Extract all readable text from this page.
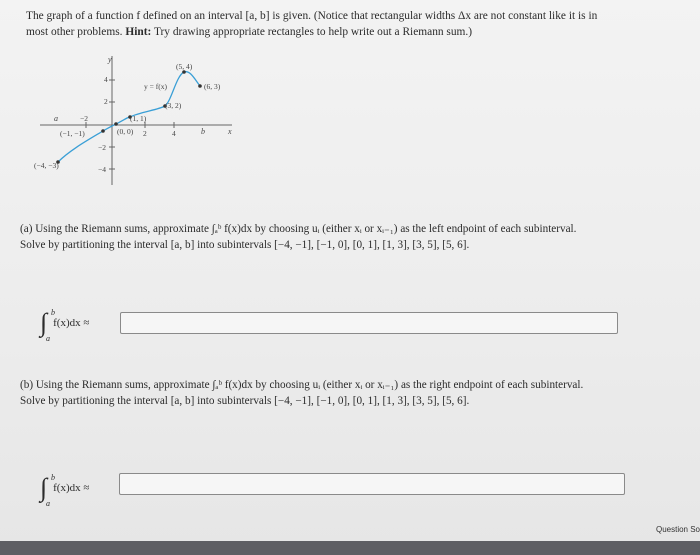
The graph of a function f defined on an interval [a, b] is given. (Notice that rectangular widths Δx are not constant like it is in
most other problems. Hint: Try drawing appropriate rectangles to help write out a Riemann sum.)
y
x
a
b
y = f(x)
−2
2	4
4
2
−2
−4
(−4, −3)
(−1, −1)	(0, 0)
(1, 1)
(3, 2)
(5, 4)
(6, 3)
(a) Using the Riemann sums, approximate ∫ₐᵇ f(x)dx by choosing uᵢ (either xᵢ or xᵢ₋₁) as the left endpoint of each subinterval.
Solve by partitioning the interval [a, b] into subintervals [−4, −1], [−1, 0], [0, 1], [1, 3], [3, 5], [5, 6].
∫ b
a
f(x)dx ≈
(b) Using the Riemann sums, approximate ∫ₐᵇ f(x)dx by choosing uᵢ (either xᵢ or xᵢ₋₁) as the right endpoint of each subinterval.
Solve by partitioning the interval [a, b] into subintervals [−4, −1], [−1, 0], [0, 1], [1, 3], [3, 5], [5, 6].
∫ b
a
f(x)dx ≈
Question So
